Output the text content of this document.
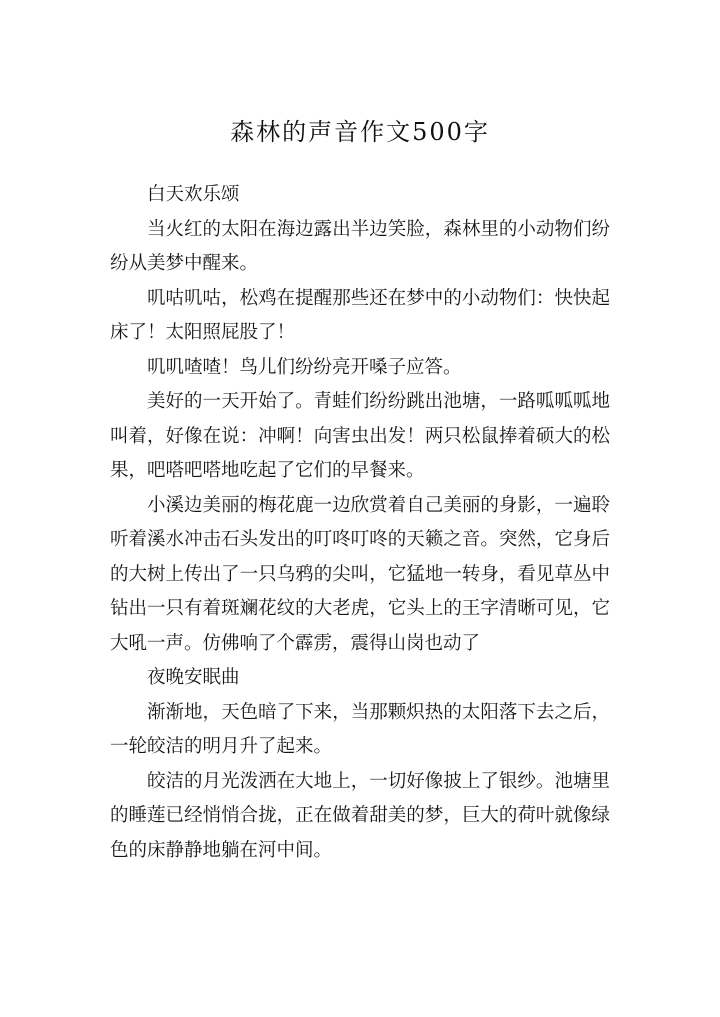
森林的声音作文500字

白天欢乐颂

当火红的太阳在海边露出半边笑脸，森林里的小动物们纷纷从美梦中醒来。

叽咕叽咕，松鸡在提醒那些还在梦中的小动物们：快快起床了！太阳照屁股了！

叽叽喳喳！鸟儿们纷纷亮开嗓子应答。

美好的一天开始了。青蛙们纷纷跳出池塘，一路呱呱呱地叫着，好像在说：冲啊！向害虫出发！两只松鼠捧着硕大的松果，吧嗒吧嗒地吃起了它们的早餐来。

小溪边美丽的梅花鹿一边欣赏着自己美丽的身影，一遍聆听着溪水冲击石头发出的叮咚叮咚的天籁之音。突然，它身后的大树上传出了一只乌鸦的尖叫，它猛地一转身，看见草丛中钻出一只有着斑斓花纹的大老虎，它头上的王字清晰可见，它大吼一声。仿佛响了个霹雳，震得山岗也动了

夜晚安眠曲

渐渐地，天色暗了下来，当那颗炽热的太阳落下去之后，一轮皎洁的明月升了起来。

皎洁的月光泼洒在大地上，一切好像披上了银纱。池塘里的睡莲已经悄悄合拢，正在做着甜美的梦，巨大的荷叶就像绿色的床静静地躺在河中间。
